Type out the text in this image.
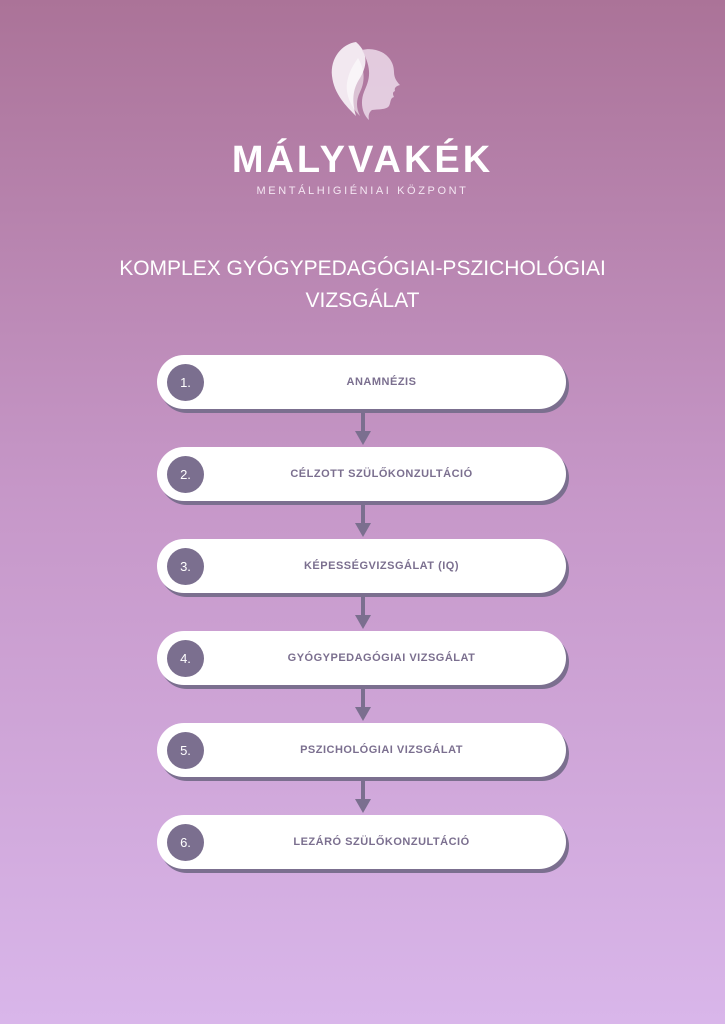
MÁLYVAKÉK
MENTÁLHIGIÉNIAI KÖZPONT
KOMPLEX GYÓGYPEDAGÓGIAI-PSZICHOLÓGIAI
VIZSGÁLAT
1.	ANAMNÉZIS
2.	CÉLZOTT SZÜLŐKONZULTÁCIÓ
3.	KÉPESSÉGVIZSGÁLAT (IQ)
4.	GYÓGYPEDAGÓGIAI VIZSGÁLAT
5.	PSZICHOLÓGIAI VIZSGÁLAT
6.	LEZÁRÓ SZÜLŐKONZULTÁCIÓ
